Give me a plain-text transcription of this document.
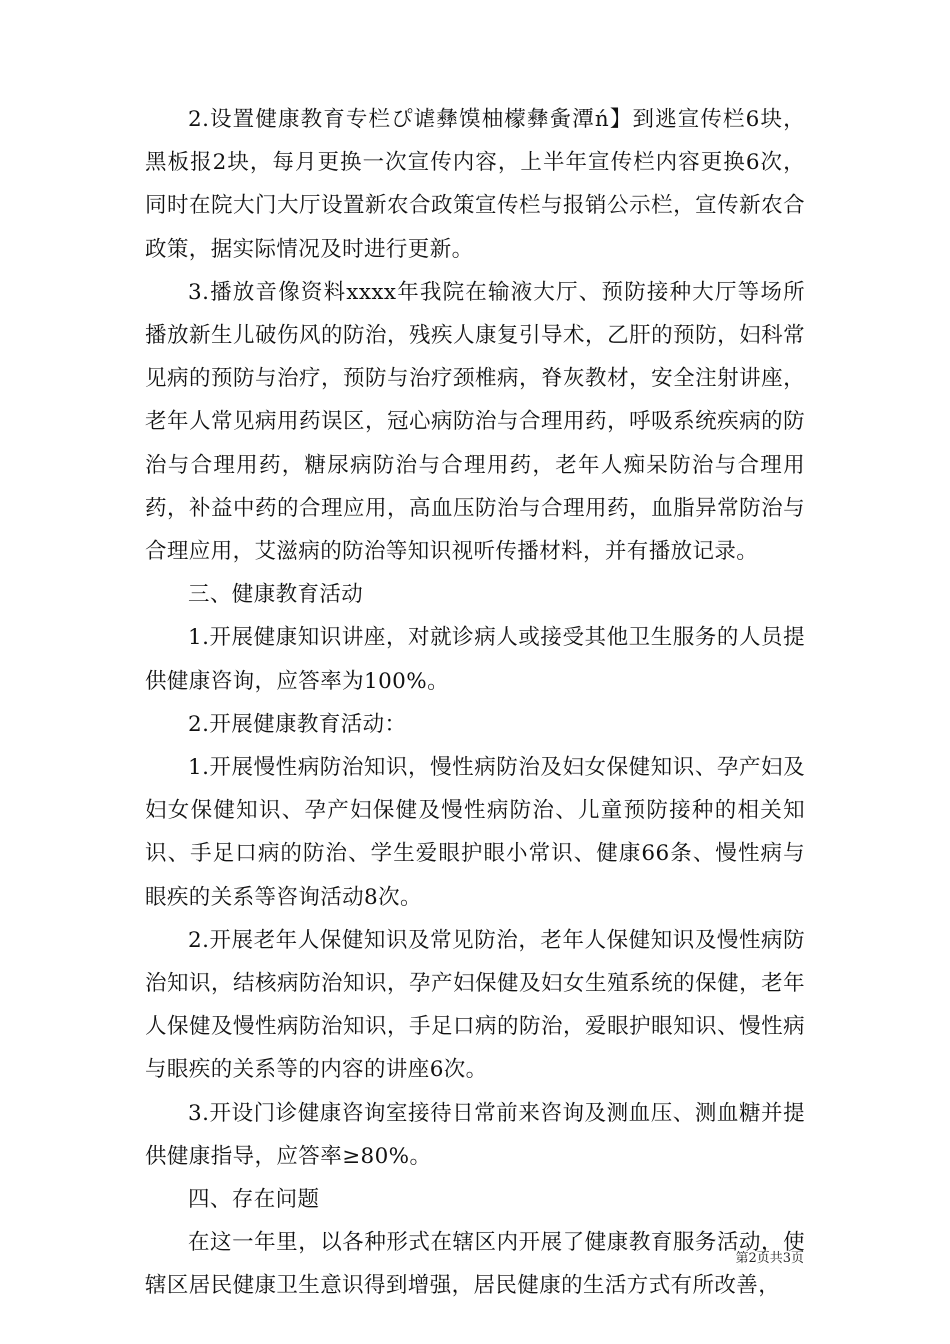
2.设置健康教育专栏ぴ谑彝馍柚檬彝夤潭ń】到逃宣传栏6块，黑板报2块，每月更换一次宣传内容，上半年宣传栏内容更换6次，同时在院大门大厅设置新农合政策宣传栏与报销公示栏，宣传新农合政策，据实际情况及时进行更新。

3.播放音像资料xxxx年我院在输液大厅、预防接种大厅等场所播放新生儿破伤风的防治，残疾人康复引导术，乙肝的预防，妇科常见病的预防与治疗，预防与治疗颈椎病，脊灰教材，安全注射讲座，老年人常见病用药误区，冠心病防治与合理用药，呼吸系统疾病的防治与合理用药，糖尿病防治与合理用药，老年人痴呆防治与合理用药，补益中药的合理应用，高血压防治与合理用药，血脂异常防治与合理应用，艾滋病的防治等知识视听传播材料，并有播放记录。

三、健康教育活动

1.开展健康知识讲座，对就诊病人或接受其他卫生服务的人员提供健康咨询，应答率为100%。

2.开展健康教育活动：

1.开展慢性病防治知识，慢性病防治及妇女保健知识、孕产妇及妇女保健知识、孕产妇保健及慢性病防治、儿童预防接种的相关知识、手足口病的防治、学生爱眼护眼小常识、健康66条、慢性病与眼疾的关系等咨询活动8次。

2.开展老年人保健知识及常见防治，老年人保健知识及慢性病防治知识，结核病防治知识，孕产妇保健及妇女生殖系统的保健，老年人保健及慢性病防治知识，手足口病的防治，爱眼护眼知识、慢性病与眼疾的关系等的内容的讲座6次。

3.开设门诊健康咨询室接待日常前来咨询及测血压、测血糖并提供健康指导，应答率≥80%。

四、存在问题

在这一年里，以各种形式在辖区内开展了健康教育服务活动，使辖区居民健康卫生意识得到增强，居民健康的生活方式有所改善，

第2页共3页
